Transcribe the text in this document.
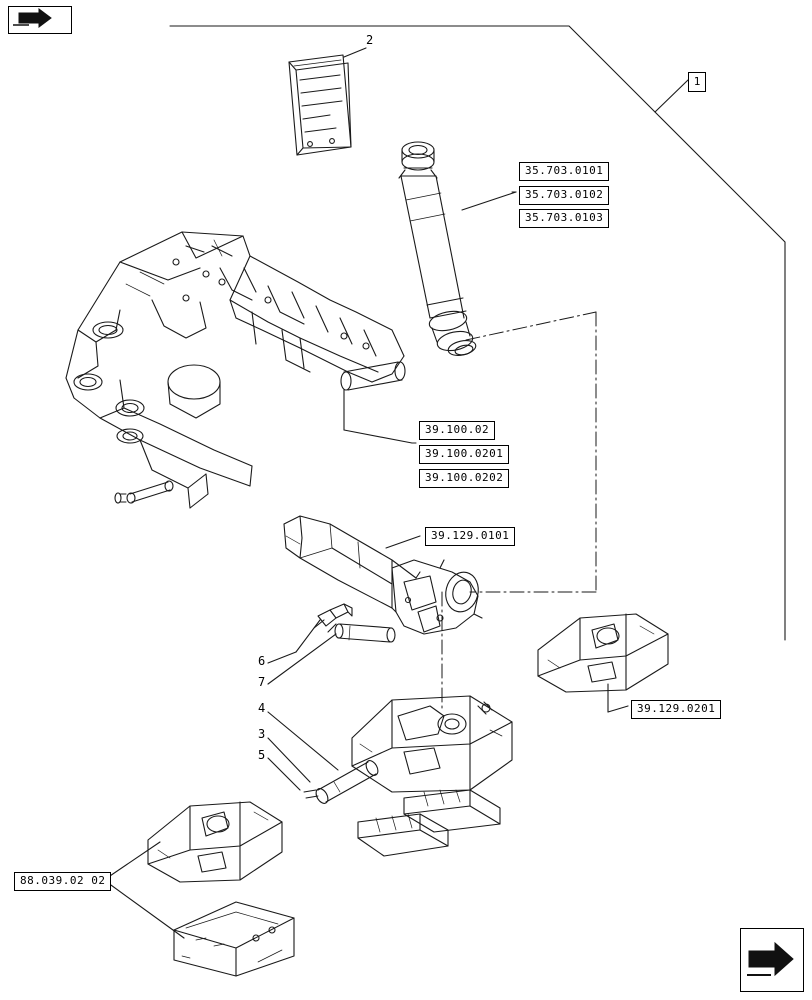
1
35.703.0101
35.703.0102
35.703.0103
39.100.02
39.100.0201
39.100.0202
39.129.0101
39.129.0201
88.039.02 02
2
6
7
4
3
5
